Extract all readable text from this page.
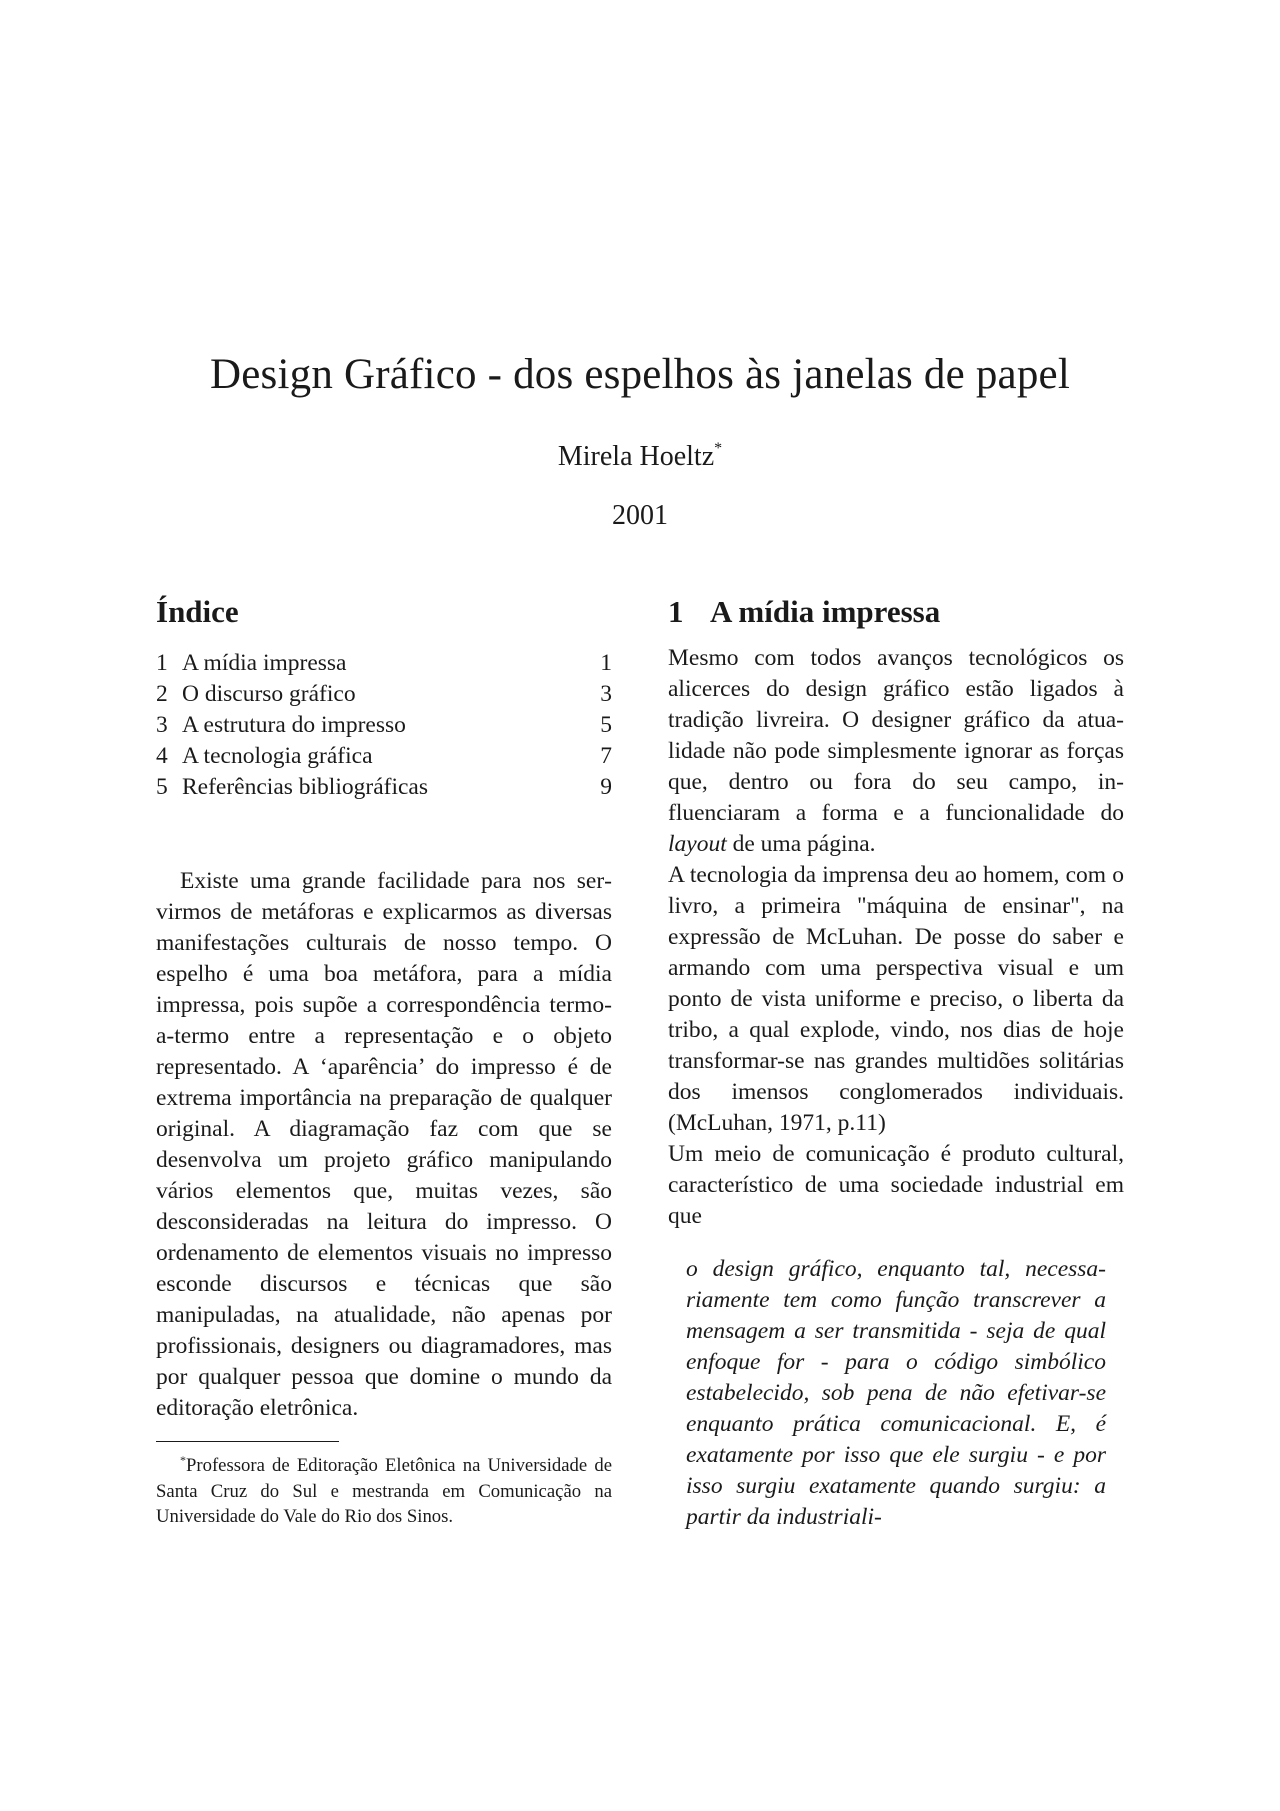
Design Gráfico - dos espelhos às janelas de papel
Mirela Hoeltz*
2001
Índice
1 A mídia impressa	1
2 O discurso gráfico	3
3 A estrutura do impresso	5
4 A tecnologia gráfica	7
5 Referências bibliográficas	9

Existe uma grande facilidade para nos servirmos de metáforas e explicarmos as diversas manifestações culturais de nosso tempo. O espelho é uma boa metáfora, para a mídia impressa, pois supõe a correspondência termo-a-termo entre a representação e o objeto representado. A ‘aparência’ do impresso é de extrema importância na preparação de qualquer original. A diagramação faz com que se desenvolva um projeto gráfico manipulando vários elementos que, muitas vezes, são desconsideradas na leitura do impresso. O ordenamento de elementos visuais no impresso esconde discursos e técnicas que são manipuladas, na atualidade, não apenas por profissionais, designers ou diagramadores, mas por qualquer pessoa que domine o mundo da editoração eletrônica.

*Professora de Editoração Eletônica na Universidade de Santa Cruz do Sul e mestranda em Comunicação na Universidade do Vale do Rio dos Sinos.

1 A mídia impressa

Mesmo com todos avanços tecnológicos os alicerces do design gráfico estão ligados à tradição livreira. O designer gráfico da atualidade não pode simplesmente ignorar as forças que, dentro ou fora do seu campo, influenciaram a forma e a funcionalidade do layout de uma página.

A tecnologia da imprensa deu ao homem, com o livro, a primeira "máquina de ensinar", na expressão de McLuhan. De posse do saber e armando com uma perspectiva visual e um ponto de vista uniforme e preciso, o liberta da tribo, a qual explode, vindo, nos dias de hoje transformar-se nas grandes multidões solitárias dos imensos conglomerados individuais. (McLuhan, 1971, p.11)

Um meio de comunicação é produto cultural, característico de uma sociedade industrial em que

o design gráfico, enquanto tal, necessariamente tem como função transcrever a mensagem a ser transmitida - seja de qual enfoque for - para o código simbólico estabelecido, sob pena de não efetivar-se enquanto prática comunicacional. E, é exatamente por isso que ele surgiu - e por isso surgiu exatamente quando surgiu: a partir da industriali-
